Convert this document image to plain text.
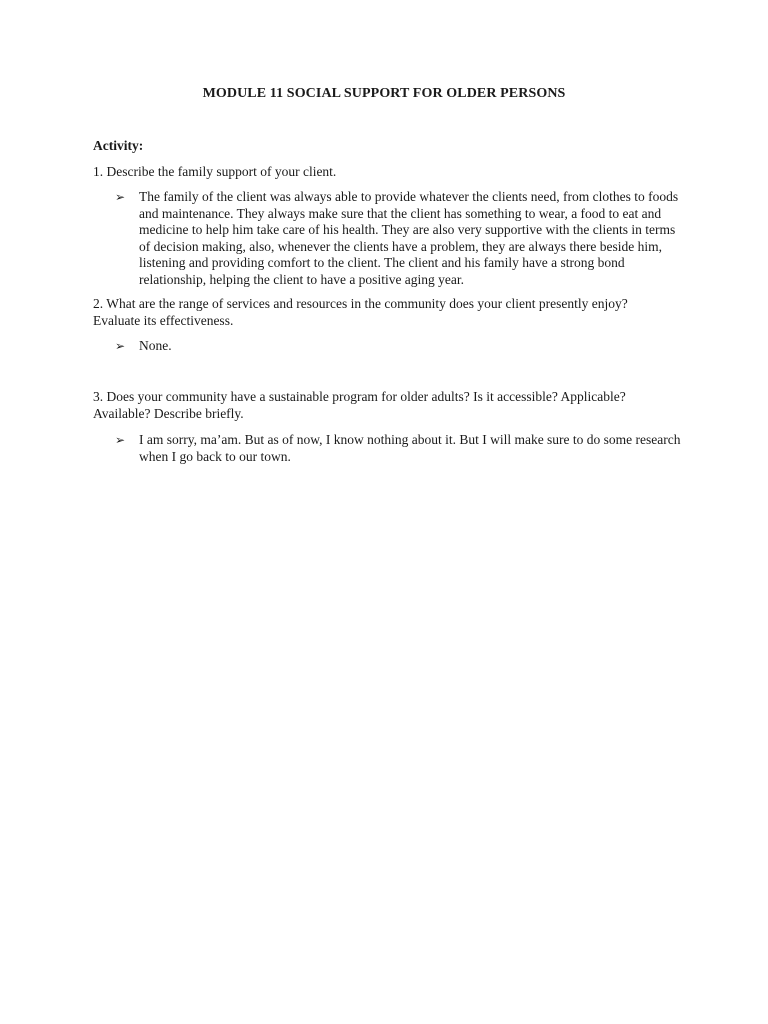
MODULE 11 SOCIAL SUPPORT FOR OLDER PERSONS
Activity:
1. Describe the family support of your client.
➢ The family of the client was always able to provide whatever the clients need, from clothes to foods and maintenance. They always make sure that the client has something to wear, a food to eat and medicine to help him take care of his health. They are also very supportive with the clients in terms of decision making, also, whenever the clients have a problem, they are always there beside him, listening and providing comfort to the client. The client and his family have a strong bond relationship, helping the client to have a positive aging year.
2. What are the range of services and resources in the community does your client presently enjoy? Evaluate its effectiveness.
➢ None.
3. Does your community have a sustainable program for older adults? Is it accessible? Applicable? Available? Describe briefly.
➢ I am sorry, ma’am. But as of now, I know nothing about it. But I will make sure to do some research when I go back to our town.
